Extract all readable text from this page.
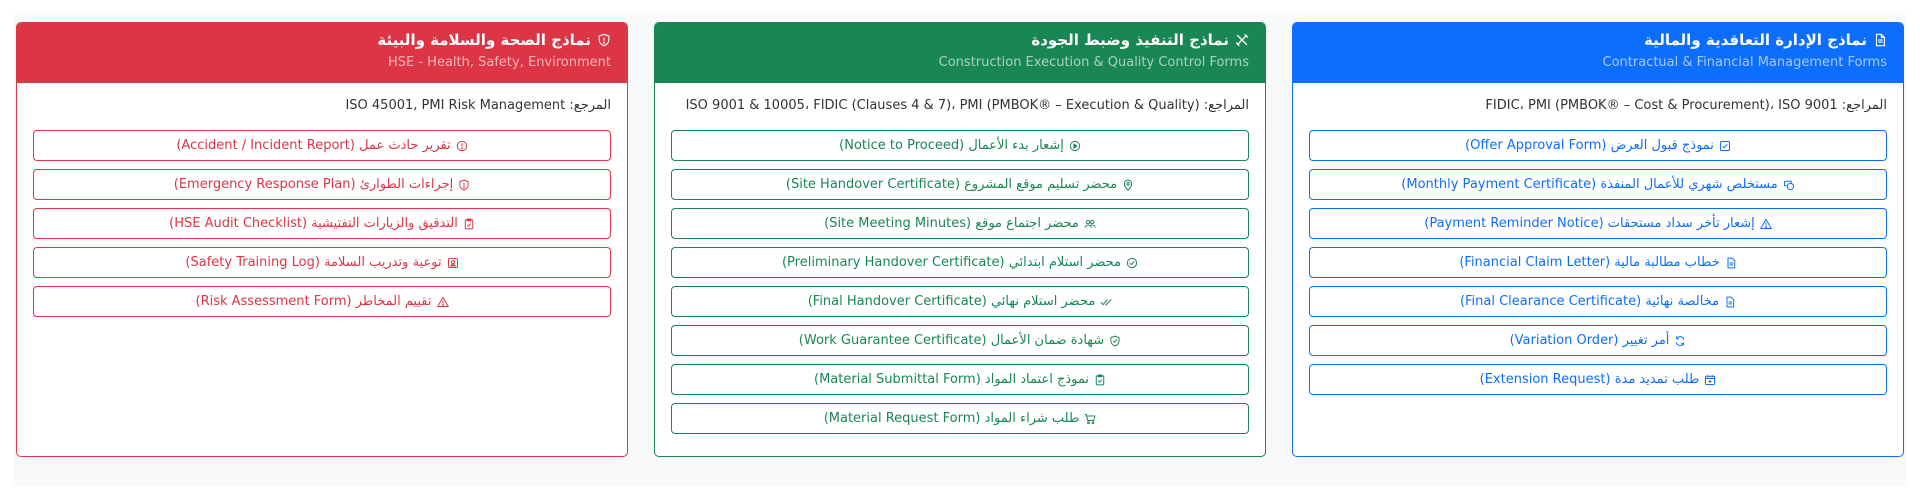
نماذج الإدارة التعاقدية والمالية
Contractual & Financial Management Forms
المراجع: FIDIC، PMI (PMBOK® – Cost & Procurement)، ISO 9001
نموذج قبول العرض (Offer Approval Form)
مستخلص شهري للأعمال المنفذة (Monthly Payment Certificate)
إشعار تأخر سداد مستحقات (Payment Reminder Notice)
خطاب مطالبة مالية (Financial Claim Letter)
مخالصة نهائية (Final Clearance Certificate)
أمر تغيير (Variation Order)
طلب تمديد مدة (Extension Request)
نماذج التنفيذ وضبط الجودة
Construction Execution & Quality Control Forms
المراجع: ISO 9001 & 10005، FIDIC (Clauses 4 & 7)، PMI (PMBOK® – Execution & Quality)
إشعار بدء الأعمال (Notice to Proceed)
محضر تسليم موقع المشروع (Site Handover Certificate)
محضر اجتماع موقع (Site Meeting Minutes)
محضر استلام ابتدائي (Preliminary Handover Certificate)
محضر استلام نهائي (Final Handover Certificate)
شهادة ضمان الأعمال (Work Guarantee Certificate)
نموذج اعتماد المواد (Material Submittal Form)
طلب شراء المواد (Material Request Form)
نماذج الصحة والسلامة والبيئة
HSE - Health, Safety, Environment
المرجع: ISO 45001, PMI Risk Management
تقرير حادث عمل (Accident / Incident Report)
إجراءات الطوارئ (Emergency Response Plan)
التدقيق والزيارات التفتيشية (HSE Audit Checklist)
توعية وتدريب السلامة (Safety Training Log)
تقييم المخاطر (Risk Assessment Form)
